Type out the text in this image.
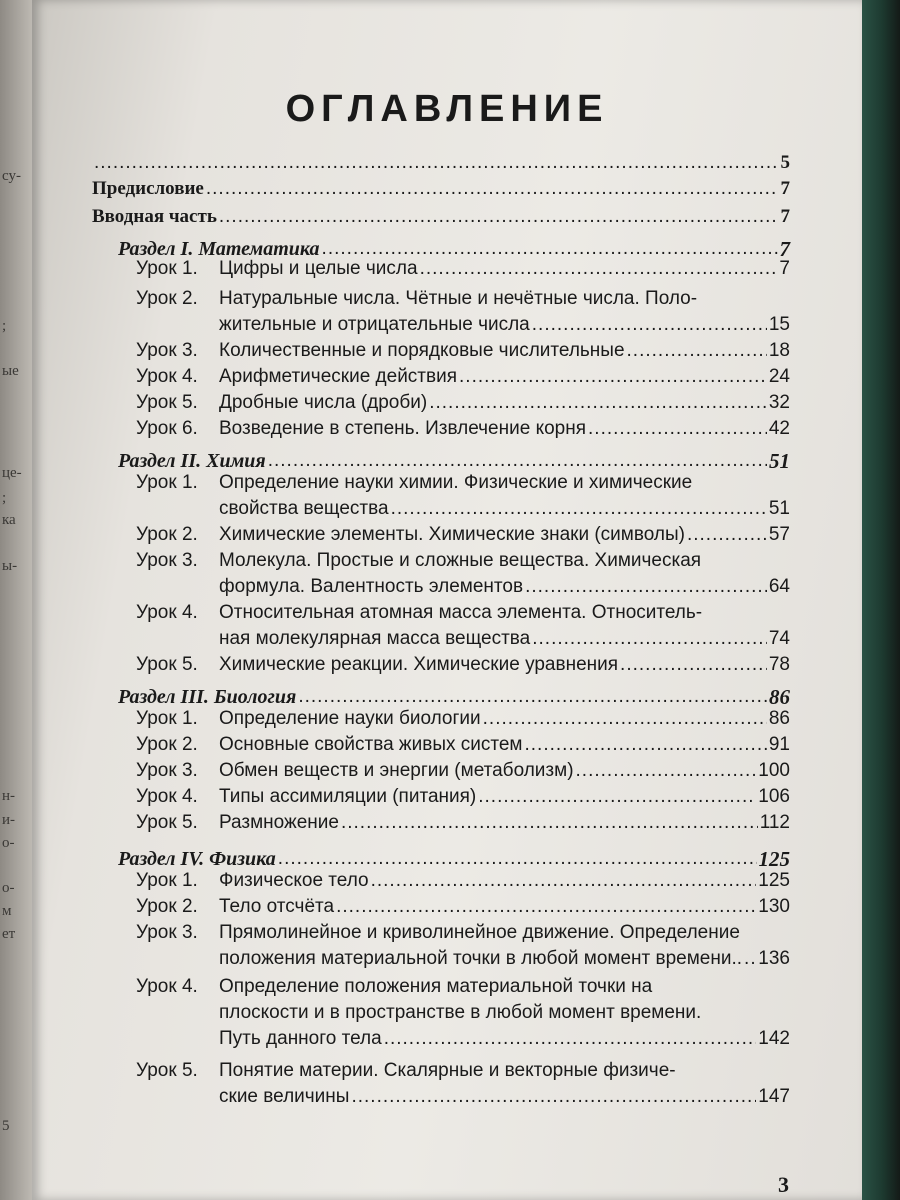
су-
;
ые
це-
;
ка
ы-
н-
и-
о-
о-
м
ет
5
ОГЛАВЛЕНИЕ
.....
5
Предисловие .....	7
Вводная часть .....	7
Раздел I. Математика .....	7
Урок 1.	Цифры и целые числа .....	7
Урок 2. Натуральные числа. Чётные и нечётные числа. Поло-
жительные и отрицательные числа .....	15
Урок 3.	Количественные и порядковые числительные .....	18
Урок 4.	Арифметические действия .....	24
Урок 5.	Дробные числа (дроби) .....	32
Урок 6.	Возведение в степень. Извлечение корня .....	42
Раздел II. Химия .....	51
Урок 1. Определение науки химии. Физические и химические
свойства вещества .....	51
Урок 2.	Химические элементы. Химические знаки (символы) .....	57
Урок 3. Молекула. Простые и сложные вещества. Химическая
формула. Валентность элементов .....	64
Урок 4. Относительная атомная масса элемента. Относитель-
ная молекулярная масса вещества .....	74
Урок 5.	Химические реакции. Химические уравнения .....	78
Раздел III. Биология .....	86
Урок 1.	Определение науки биологии .....	86
Урок 2.	Основные свойства живых систем .....	91
Урок 3.	Обмен веществ и энергии (метаболизм) .....	100
Урок 4.	Типы ассимиляции (питания) .....	106
Урок 5.	Размножение .....	112
Раздел IV. Физика .....	125
Урок 1.	Физическое тело .....	125
Урок 2.	Тело отсчёта .....	130
Урок 3. Прямолинейное и криволинейное движение. Определение
положения материальной точки в любой момент времени.. ..... 136
Урок 4. Определение положения материальной точки на
плоскости и в пространстве в любой момент времени.
Путь данного тела .....	142
Урок 5. Понятие материи. Скалярные и векторные физиче-
ские величины .....	147
3
